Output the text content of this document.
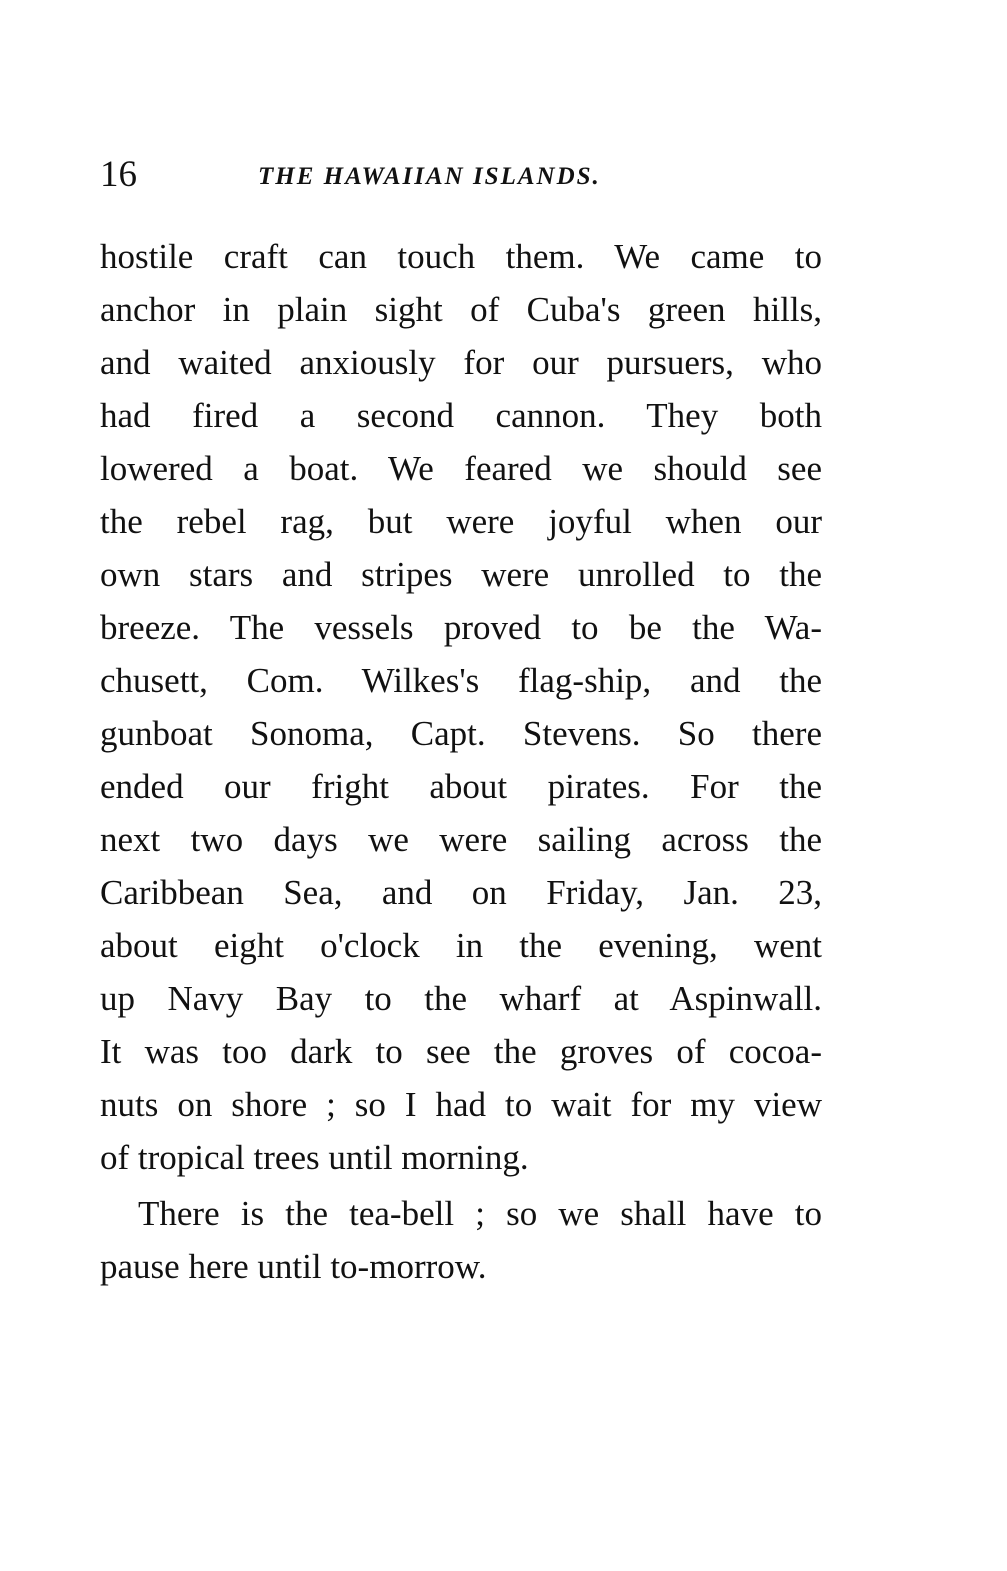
16	THE HAWAIIAN ISLANDS.
hostile craft can touch them. We came to
anchor in plain sight of Cuba's green hills,
and waited anxiously for our pursuers, who
had fired a second cannon. They both
lowered a boat. We feared we should see
the rebel rag, but were joyful when our
own stars and stripes were unrolled to the
breeze. The vessels proved to be the Wa-
chusett, Com. Wilkes's flag-ship, and the
gunboat Sonoma, Capt. Stevens. So there
ended our fright about pirates. For the
next two days we were sailing across the
Caribbean Sea, and on Friday, Jan. 23,
about eight o'clock in the evening, went
up Navy Bay to the wharf at Aspinwall.
It was too dark to see the groves of cocoa-
nuts on shore ; so I had to wait for my view
of tropical trees until morning.
There is the tea-bell ; so we shall have to
pause here until to-morrow.
